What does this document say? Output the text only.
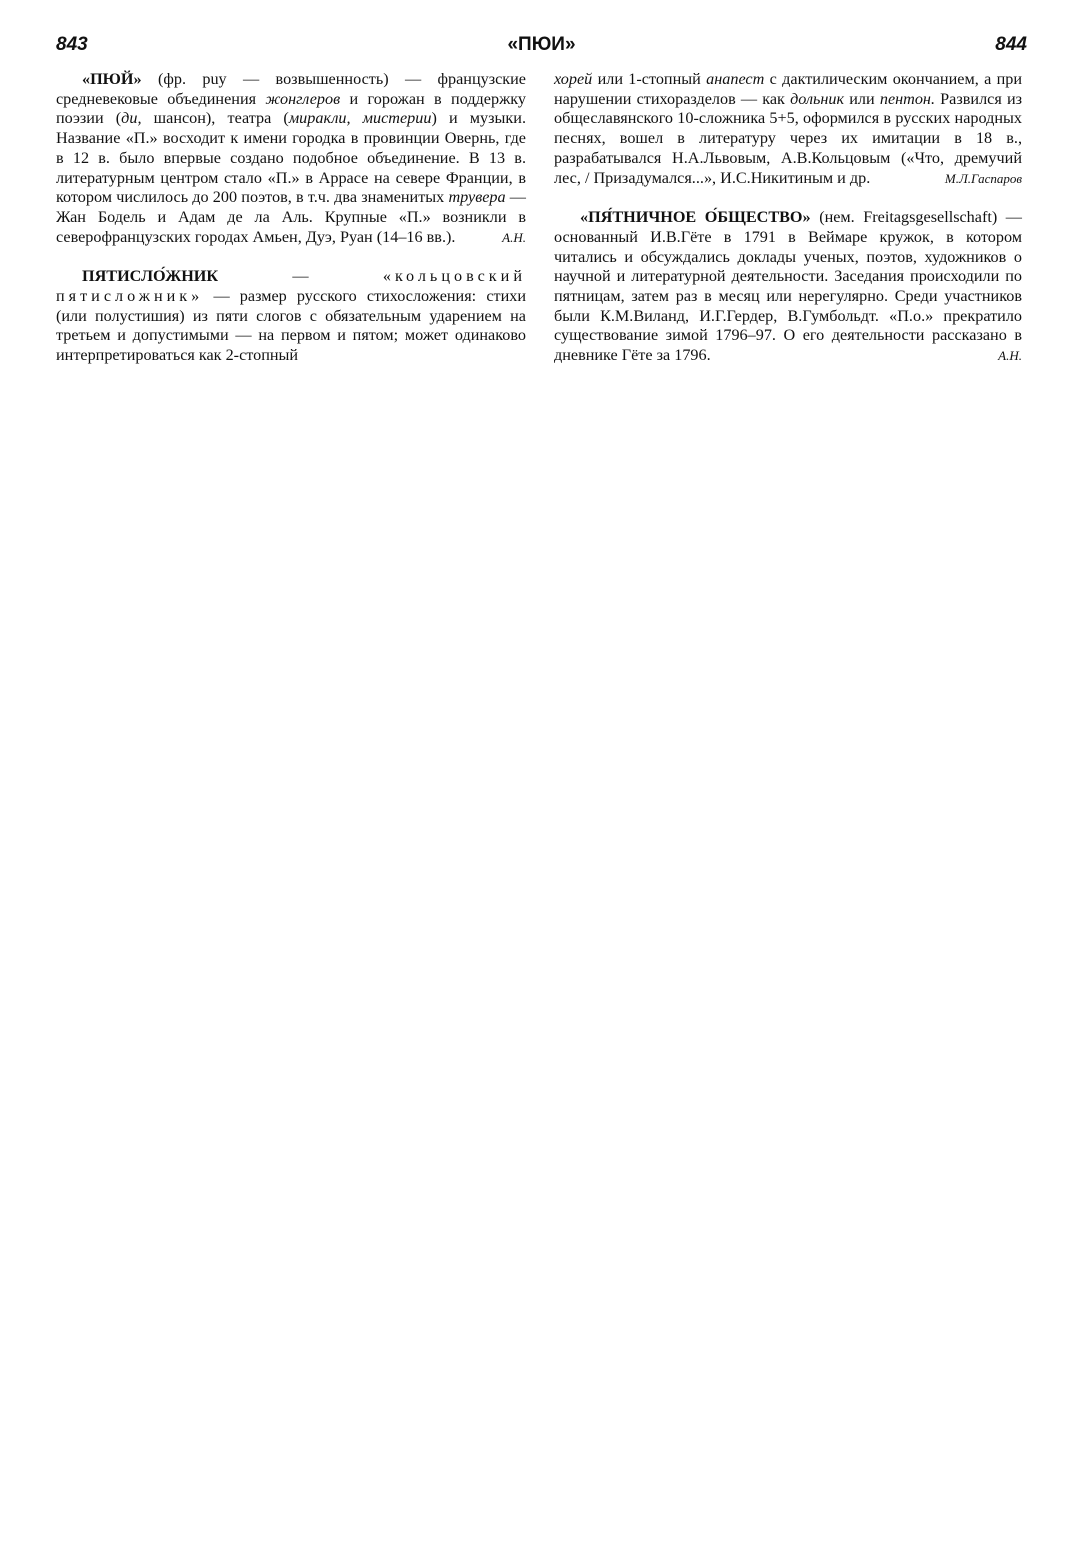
843	«ПЮИ»	844

«ПЮЙ» (фр. puy — возвышенность) — французские средневековые объединения жонглеров и горожан в поддержку поэзии (ди, шансон), театра (миракли, мистерии) и музыки. Название «П.» восходит к имени городка в провинции Овернь, где в 12 в. было впервые создано подобное объединение. В 13 в. литературным центром стало «П.» в Аррасе на севере Франции, в котором числилось до 200 поэтов, в т.ч. два знаменитых трувера — Жан Бодель и Адам де ла Аль. Крупные «П.» возникли в северофранцузских городах Амьен, Дуэ, Руан (14–16 вв.).	А.Н.

ПЯТИСЛО́ЖНИК — «кольцовский пятисложник» — размер русского стихосложения: стихи (или полустишия) из пяти слогов с обязательным ударением на третьем и допустимыми — на первом и пятом; может одинаково интерпретироваться как 2-стопный

хорей или 1-стопный анапест с дактилическим окончанием, а при нарушении стихоразделов — как дольник или пентон. Развился из общеславянского 10-сложника 5+5, оформился в русских народных песнях, вошел в литературу через их имитации в 18 в., разрабатывался Н.А.Львовым, А.В.Кольцовым («Что, дремучий лес, / Призадумался...», И.С.Никитиным и др.	М.Л.Гаспаров

«ПЯ́ТНИЧНОЕ О́БЩЕСТВО» (нем. Freitagsgesellschaft) — основанный И.В.Гёте в 1791 в Веймаре кружок, в котором читались и обсуждались доклады ученых, поэтов, художников о научной и литературной деятельности. Заседания происходили по пятницам, затем раз в месяц или нерегулярно. Среди участников были К.М.Виланд, И.Г.Гердер, В.Гумбольдт. «П.о.» прекратило существование зимой 1796–97. О его деятельности рассказано в дневнике Гёте за 1796.	А.Н.
